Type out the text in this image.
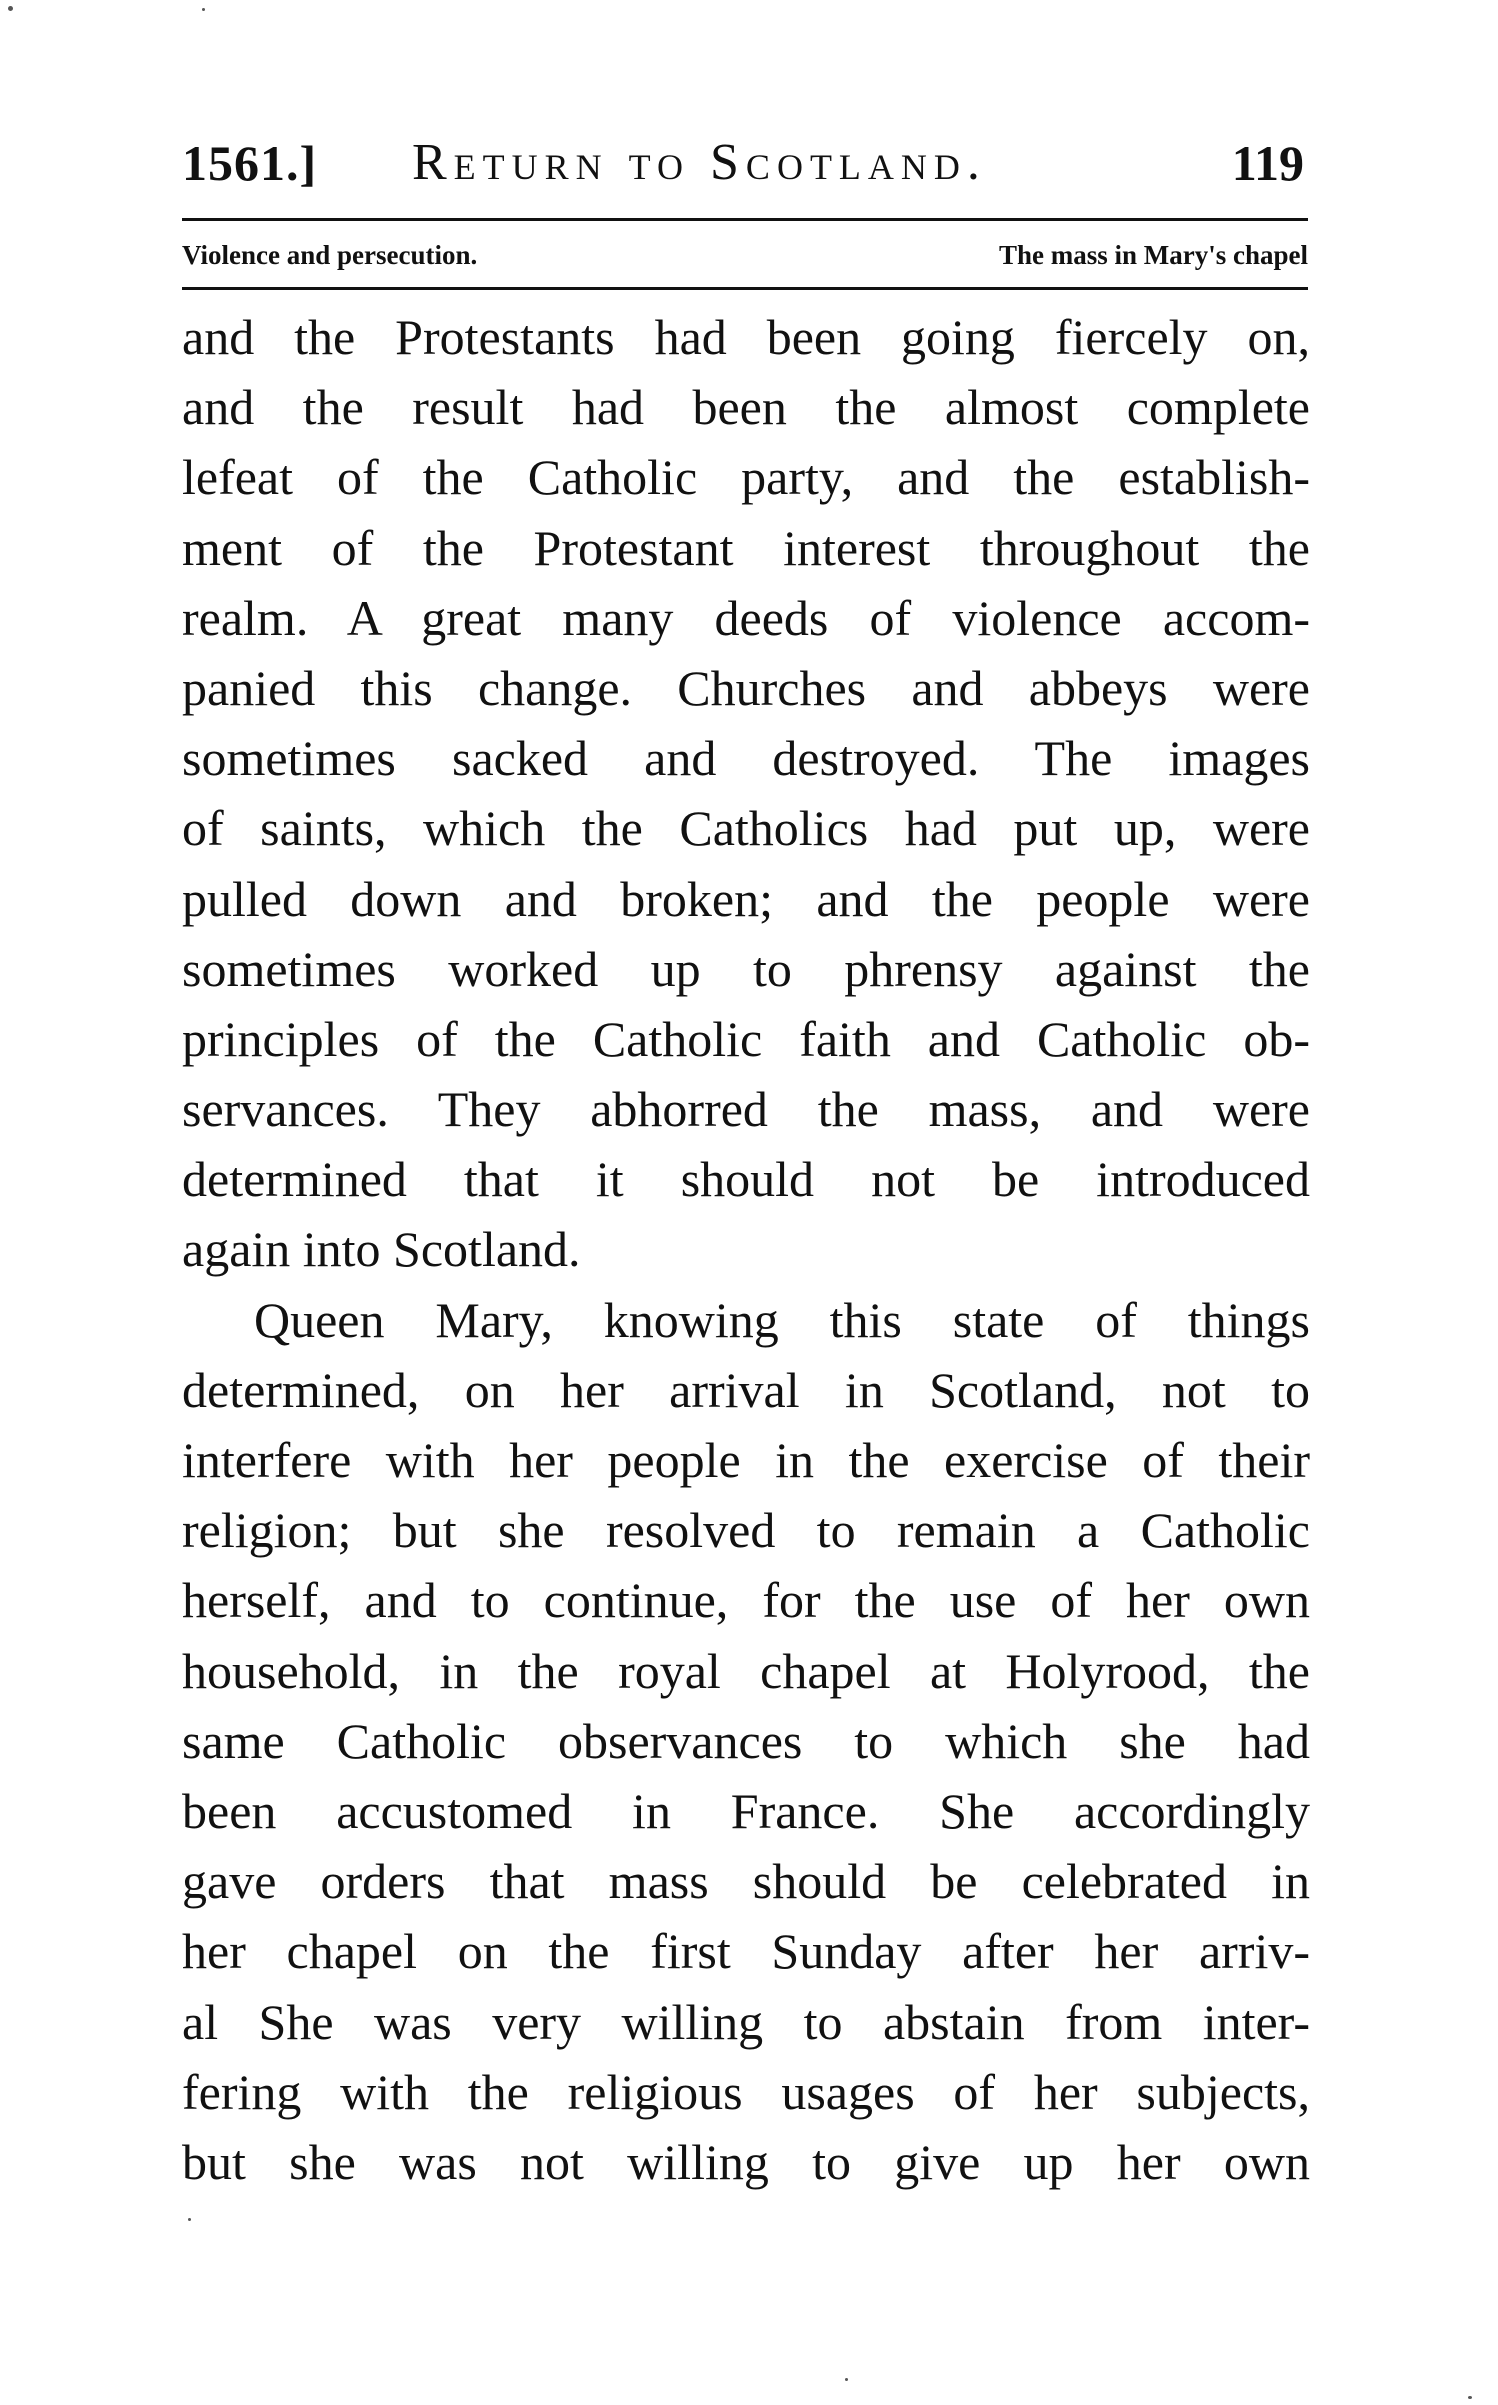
1561.] Return to Scotland.	119
Violence and persecution.	The mass in Mary's chapel
and the Protestants had been going fiercely on,
and the result had been the almost complete
lefeat of the Catholic party, and the establish-
ment of the Protestant interest throughout the
realm. A great many deeds of violence accom-
panied this change. Churches and abbeys were
sometimes sacked and destroyed. The images
of saints, which the Catholics had put up, were
pulled down and broken; and the people were
sometimes worked up to phrensy against the
principles of the Catholic faith and Catholic ob-
servances. They abhorred the mass, and were
determined that it should not be introduced
again into Scotland.
Queen Mary, knowing this state of things
determined, on her arrival in Scotland, not to
interfere with her people in the exercise of their
religion; but she resolved to remain a Catholic
herself, and to continue, for the use of her own
household, in the royal chapel at Holyrood, the
same Catholic observances to which she had
been accustomed in France. She accordingly
gave orders that mass should be celebrated in
her chapel on the first Sunday after her arriv-
al She was very willing to abstain from inter-
fering with the religious usages of her subjects,
but she was not willing to give up her own
